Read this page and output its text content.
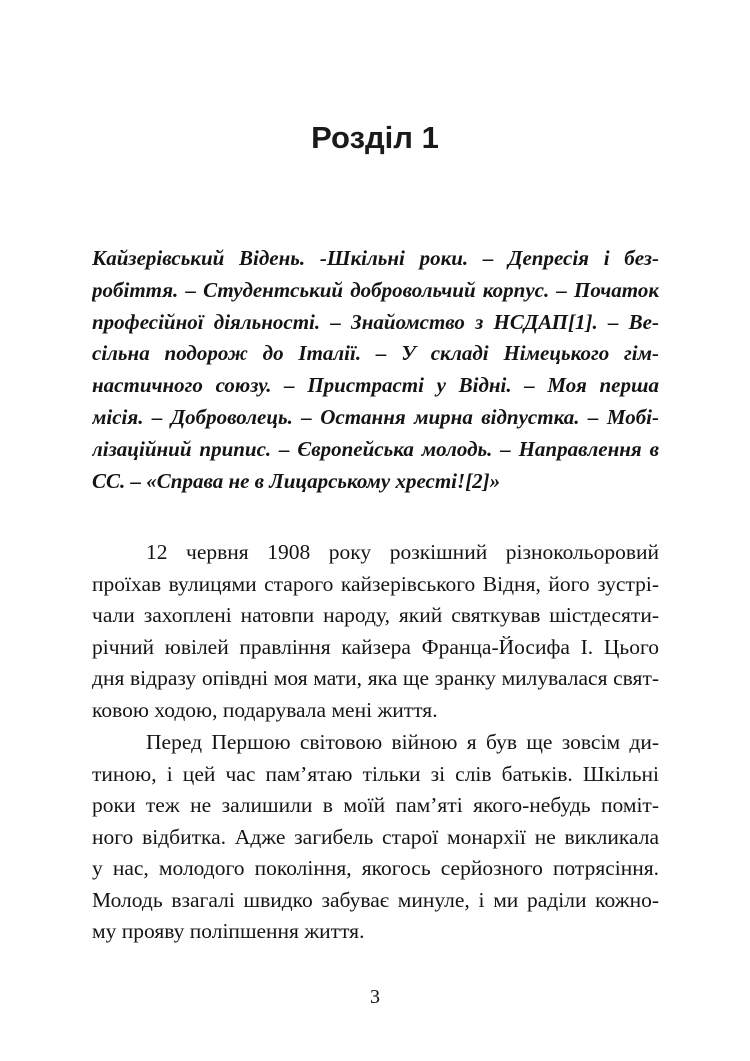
Розділ 1
Кайзерівський Відень. -Шкільні роки. – Депресія і без-
робіття. – Студентський добровольчий корпус. – Початок
професійної діяльності. – Знайомство з НСДАП[1]. – Ве-
сільна подорож до Італії. – У складі Німецького гім-
настичного союзу. – Пристрасті у Відні. – Моя перша
місія. – Доброволець. – Остання мирна відпустка. – Мобі-
лізаційний припис. – Європейська молодь. – Направлення в
СС. – «Справа не в Лицарському хресті![2]»
12 червня 1908 року розкішний різнокольоровий
проїхав вулицями старого кайзерівського Відня, його зустрі-
чали захоплені натовпи народу, який святкував шістдесяти-
річний ювілей правління кайзера Франца-Йосифа I. Цього
дня відразу опівдні моя мати, яка ще зранку милувалася свят-
ковою ходою, подарувала мені життя.
Перед Першою світовою війною я був ще зовсім ди-
тиною, і цей час пам’ятаю тільки зі слів батьків. Шкільні
роки теж не залишили в моїй пам’яті якого-небудь поміт-
ного відбитка. Адже загибель старої монархії не викликала
у нас, молодого покоління, якогось серйозного потрясіння.
Молодь взагалі швидко забуває минуле, і ми раділи кожно-
му прояву поліпшення життя.

3
